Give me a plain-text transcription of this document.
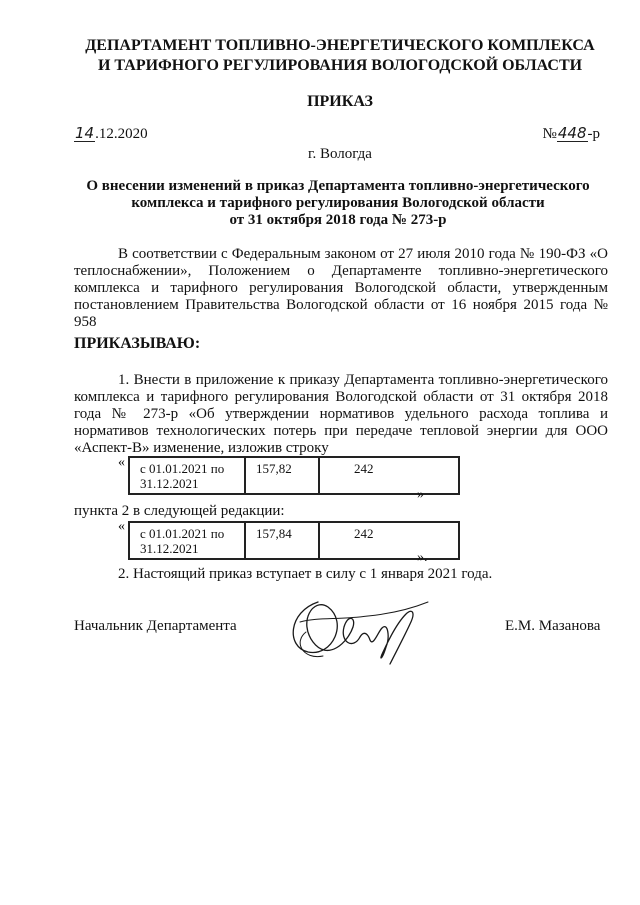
ДЕПАРТАМЕНТ ТОПЛИВНО-ЭНЕРГЕТИЧЕСКОГО КОМПЛЕКСА
И ТАРИФНОГО РЕГУЛИРОВАНИЯ ВОЛОГОДСКОЙ ОБЛАСТИ
ПРИКАЗ
14.12.2020	№448-р
г. Вологда
О внесении изменений в приказ Департамента топливно-энергетического
комплекса и тарифного регулирования Вологодской области
от 31 октября 2018 года № 273-р
В соответствии с Федеральным законом от 27 июля 2010 года № 190-ФЗ «О теплоснабжении», Положением о Департаменте топливно-энергетического комплекса и тарифного регулирования Вологодской области, утвержденным постановлением Правительства Вологодской области от 16 ноября 2015 года № 958
ПРИКАЗЫВАЮ:
1. Внести в приложение к приказу Департамента топливно-энергетического комплекса и тарифного регулирования Вологодской области от 31 октября 2018 года № 273-р «Об утверждении нормативов удельного расхода топлива и нормативов технологических потерь при передаче тепловой энергии для ООО «Аспект-В» изменение, изложив строку
« с 01.01.2021 по 31.12.2021	157,82	242
»
пункта 2 в следующей редакции:
« с 01.01.2021 по 31.12.2021	157,84	242
».
2. Настоящий приказ вступает в силу с 1 января 2021 года.
Начальник Департамента	Е.М. Мазанова
